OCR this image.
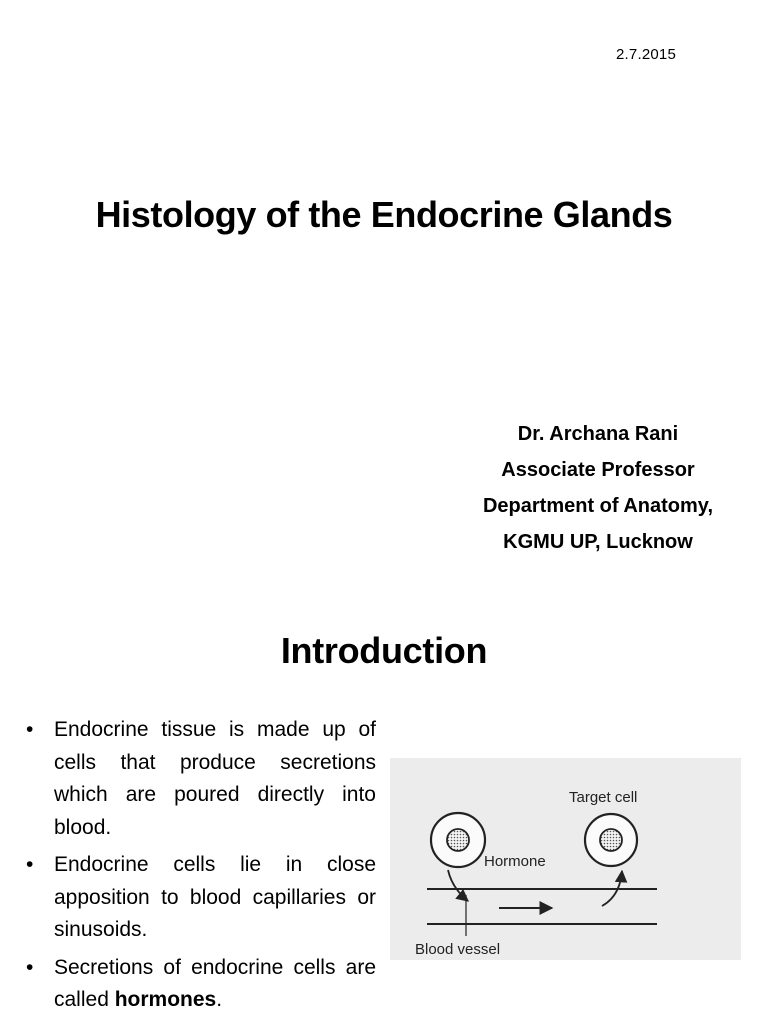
2.7.2015
Histology of the Endocrine Glands
Dr. Archana Rani
Associate Professor
Department of Anatomy,
KGMU UP, Lucknow
Introduction
• Endocrine tissue is made up of cells that produce secretions which are poured directly into blood.
• Endocrine cells lie in close apposition to blood capillaries or sinusoids.
• Secretions of endocrine cells are called hormones.
Target cell
Hormone
Blood vessel
